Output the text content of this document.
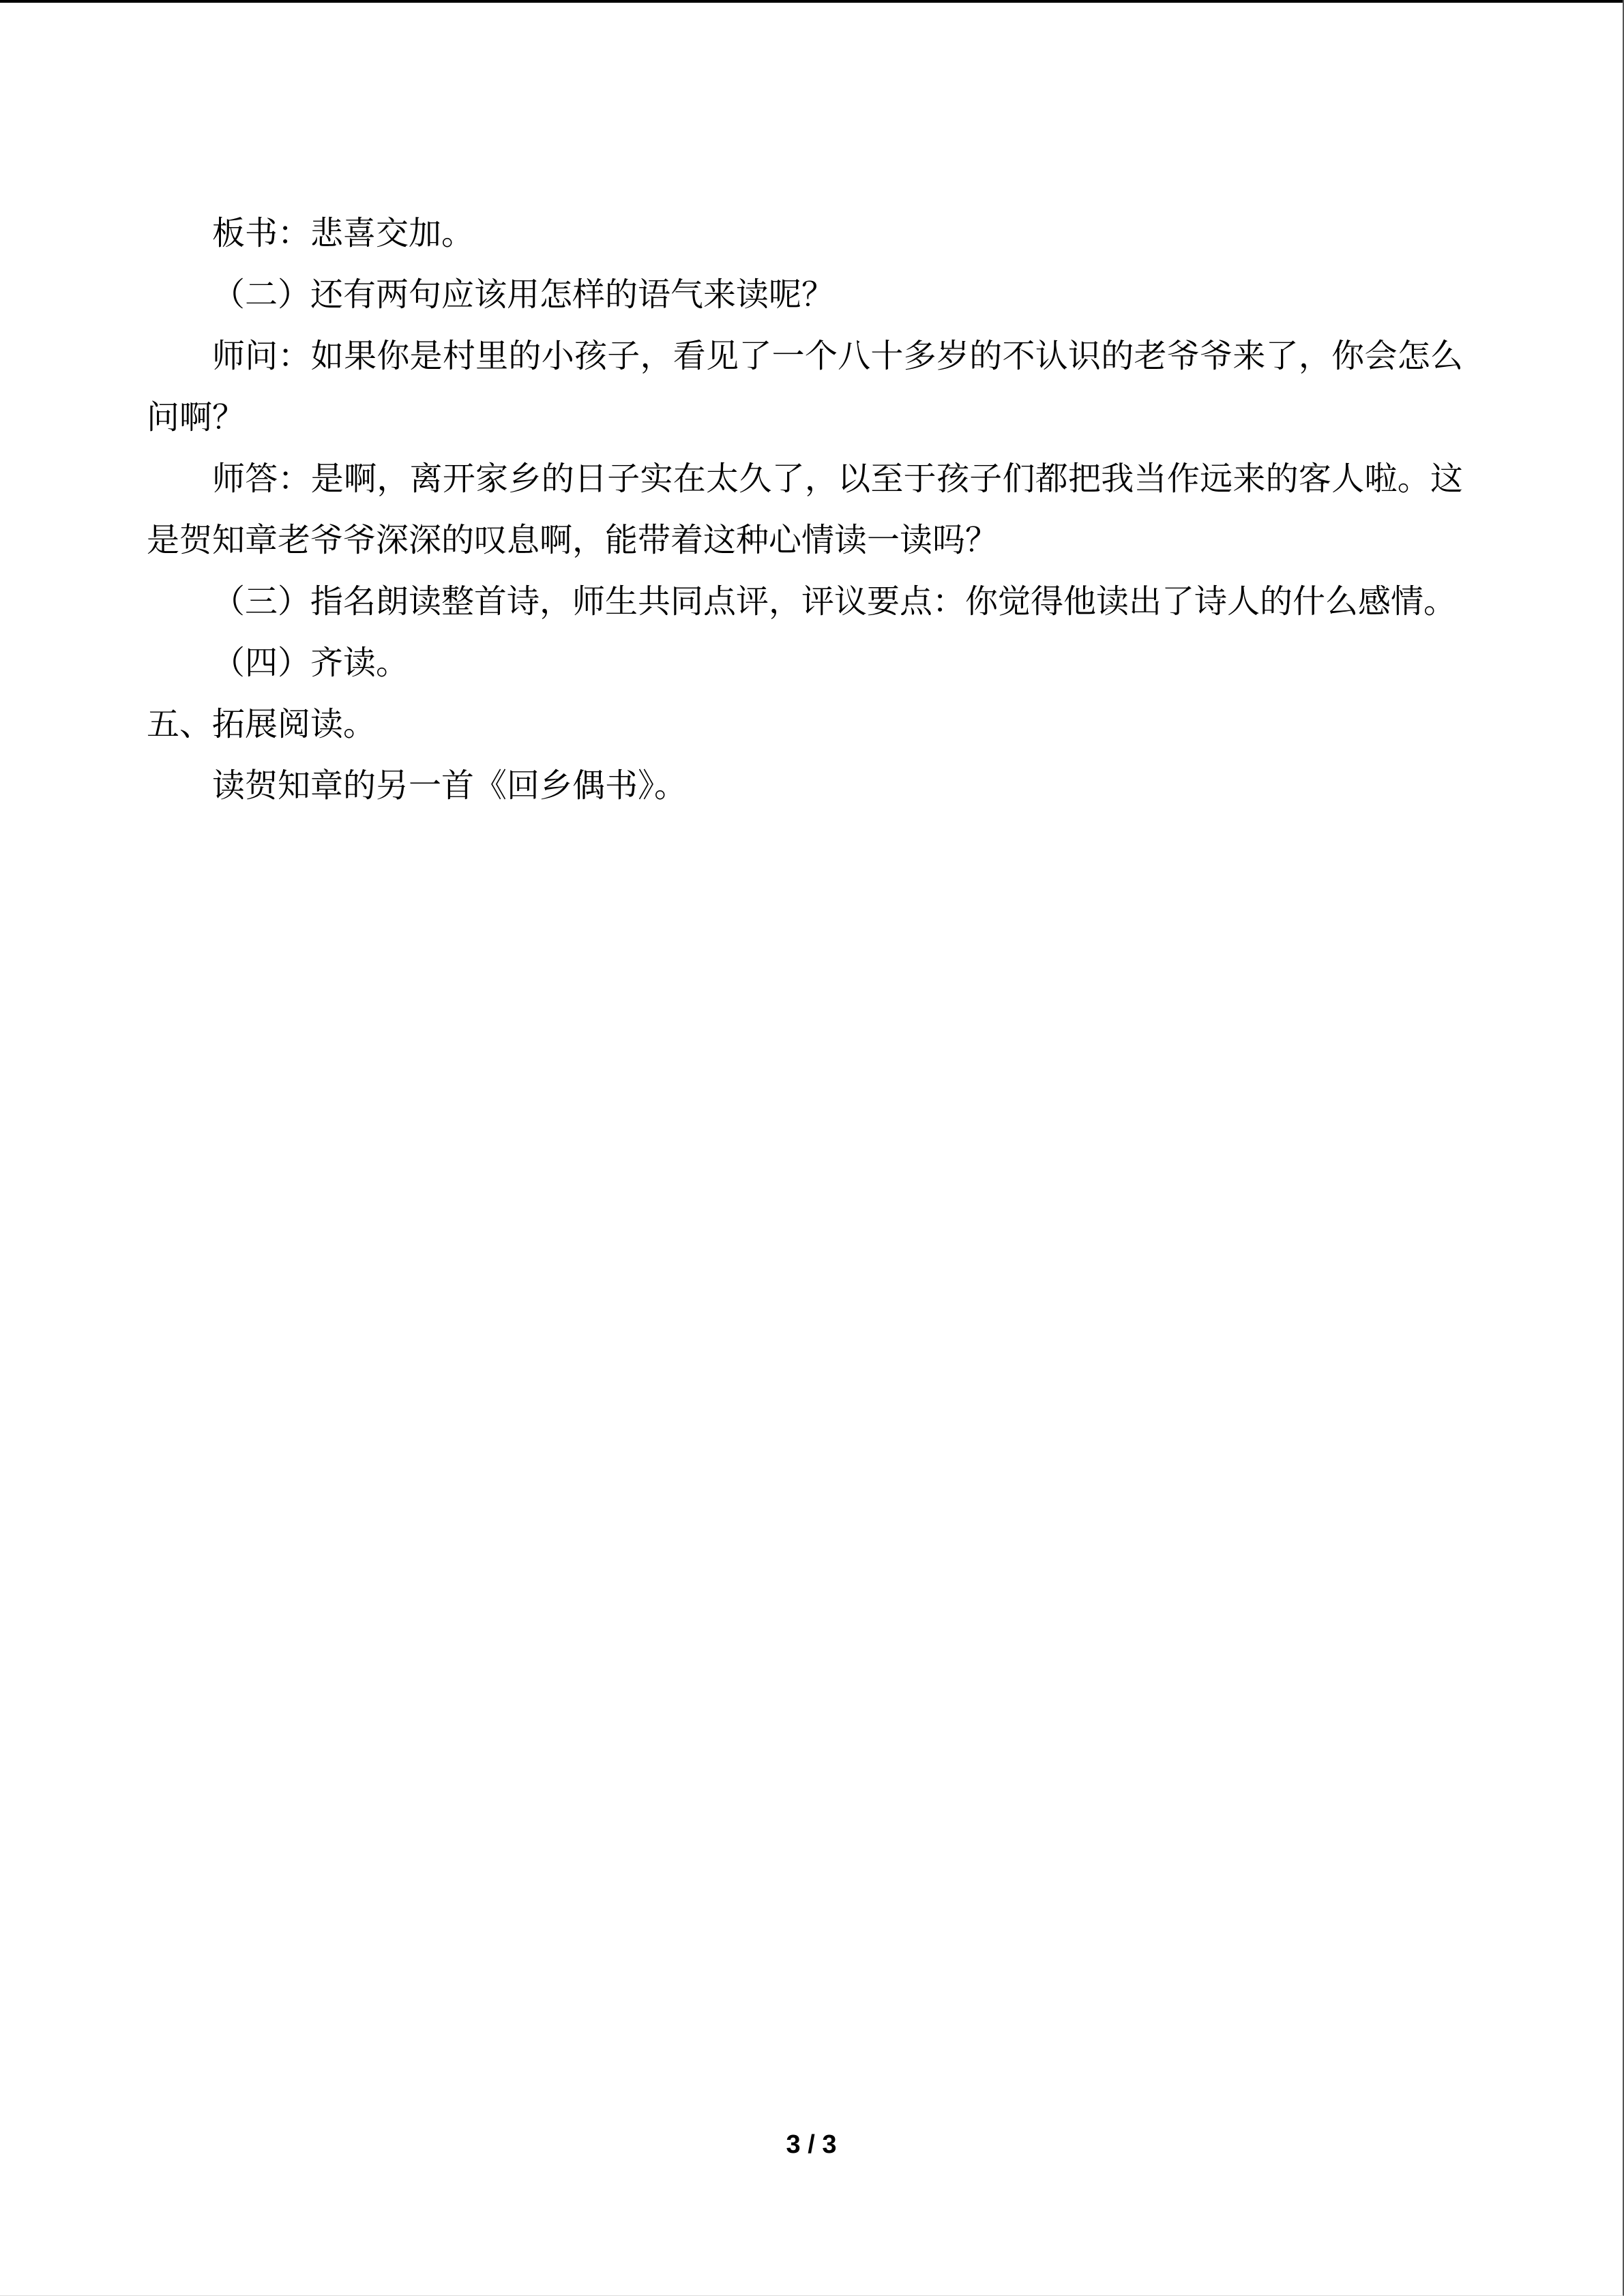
板书：悲喜交加。

（二）还有两句应该用怎样的语气来读呢？

师问：如果你是村里的小孩子，看见了一个八十多岁的不认识的老爷爷来了，你会怎么问啊？

师答：是啊，离开家乡的日子实在太久了，以至于孩子们都把我当作远来的客人啦。这是贺知章老爷爷深深的叹息啊，能带着这种心情读一读吗？

（三）指名朗读整首诗，师生共同点评，评议要点：你觉得他读出了诗人的什么感情。

（四）齐读。

五、拓展阅读。

读贺知章的另一首《回乡偶书》。

3 / 3
